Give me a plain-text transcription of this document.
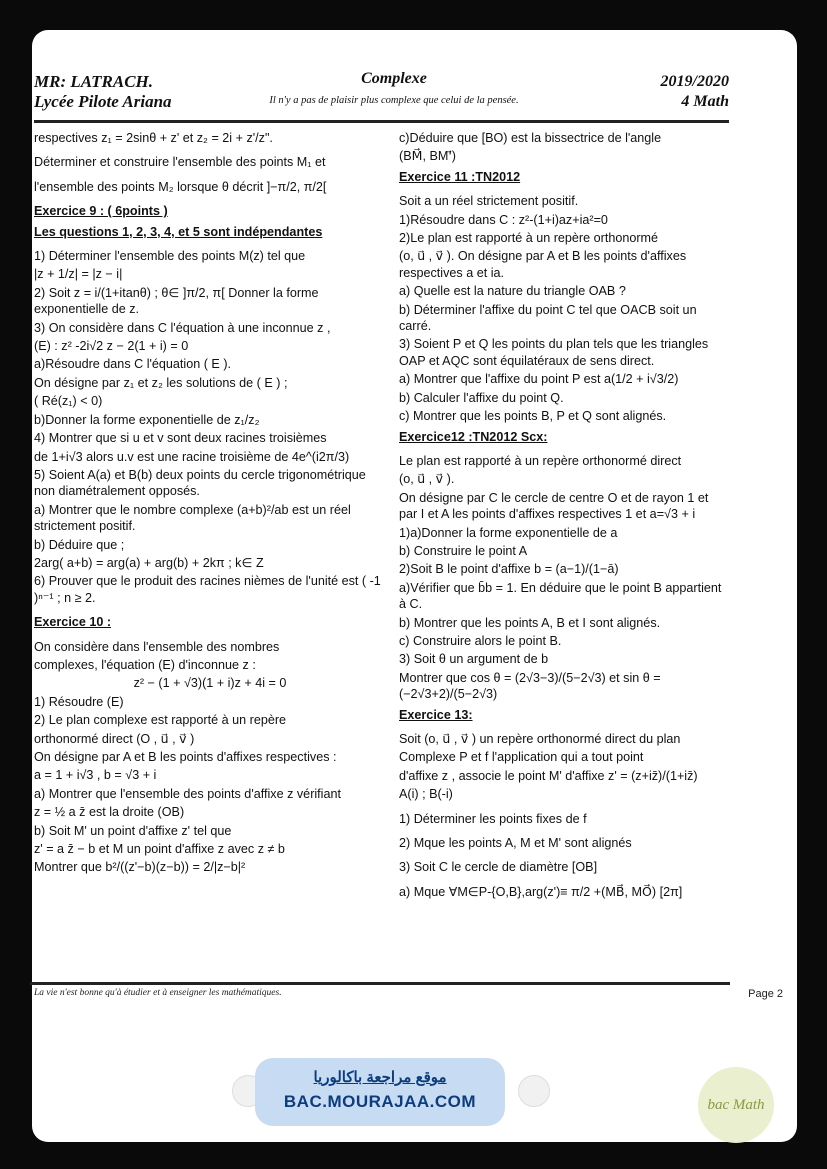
MR: LATRACH.
Lycée Pilote Ariana
Complexe
Il n'y a pas de plaisir plus complexe que celui de la pensée.
2019/2020
4 Math

respectives z₁ = 2sinθ + z' et z₂ = 2i + z'/z".

Déterminer et construire l'ensemble des points M₁ et

l'ensemble des points M₂ lorsque θ décrit ]−π/2, π/2[

Exercice 9 : ( 6points )

Les questions 1, 2, 3, 4, et 5 sont indépendantes

1) Déterminer l'ensemble des points M(z) tel que

|z + 1/z| = |z − i|

2) Soit z = i/(1+itanθ) ; θ∈ ]π/2, π[ Donner la forme exponentielle de z.

3) On considère dans C l'équation à une inconnue z ,

(E) : z² -2i√2 z − 2(1 + i) = 0

a)Résoudre dans C l'équation ( E ).

On désigne par z₁ et z₂ les solutions de ( E ) ;

( Ré(z₁) < 0)

b)Donner la forme exponentielle de z₁/z₂

4) Montrer que si u et v sont deux racines troisièmes

de 1+i√3 alors u.v est une racine troisième de 4e^(i2π/3)

5) Soient A(a) et B(b) deux points du cercle trigonométrique non diamétralement opposés.

a) Montrer que le nombre complexe (a+b)²/ab est un réel strictement positif.

b) Déduire que ;

2arg( a+b) = arg(a) + arg(b) + 2kπ ; k∈ Z

6) Prouver que le produit des racines nièmes de l'unité est ( -1 )ⁿ⁻¹ ; n ≥ 2.

Exercice 10 :

On considère dans l'ensemble des nombres

complexes, l'équation (E) d'inconnue z :

z² − (1 + √3)(1 + i)z + 4i = 0

1) Résoudre (E)

2) Le plan complexe est rapporté à un repère

orthonormé direct (O , u⃗ , v⃗ )

On désigne par A et B les points d'affixes respectives :

a = 1 + i√3 , b = √3 + i

a) Montrer que l'ensemble des points d'affixe z vérifiant

z = ½ a z̄ est la droite (OB)

b) Soit M' un point d'affixe z' tel que

z' = a z̄ − b et M un point d'affixe z avec z ≠ b

Montrer que b²/((z'−b)(z−b)) = 2/|z−b|²

c)Déduire que [BO) est la bissectrice de l'angle

(BM⃗, BM'⃗)

Exercice 11 :TN2012

Soit a un réel strictement positif.

1)Résoudre dans C : z²-(1+i)az+ia²=0

2)Le plan est rapporté à un repère orthonormé

(o, u⃗ , v⃗ ). On désigne par A et B les points d'affixes respectives a et ia.

a) Quelle est la nature du triangle OAB ?

b) Déterminer l'affixe du point C tel que OACB soit un carré.

3) Soient P et Q les points du plan tels que les triangles OAP et AQC sont équilatéraux de sens direct.

a) Montrer que l'affixe du point P est a(1/2 + i√3/2)

b) Calculer l'affixe du point Q.

c) Montrer que les points B, P et Q sont alignés.

Exercice12 :TN2012 Scx:

Le plan est rapporté à un repère orthonormé direct

(o, u⃗ , v⃗ ).

On désigne par C le cercle de centre O et de rayon 1 et par I et A les points d'affixes respectives 1 et a=√3 + i

1)a)Donner la forme exponentielle de a

b) Construire le point A

2)Soit B le point d'affixe b = (a−1)/(1−ā)

a)Vérifier que b̄b = 1. En déduire que le point B appartient à C.

b) Montrer que les points A, B et I sont alignés.

c) Construire alors le point B.

3) Soit θ un argument de b

Montrer que cos θ = (2√3−3)/(5−2√3) et sin θ = (−2√3+2)/(5−2√3)

Exercice 13:

Soit (o, u⃗ , v⃗ ) un repère orthonormé direct du plan

Complexe P et f l'application qui a tout point

d'affixe z , associe le point M' d'affixe z' = (z+iz̄)/(1+iz̄)

A(i) ; B(-i)

1) Déterminer les points fixes de f

2) Mque les points A, M et M' sont alignés

3) Soit C le cercle de diamètre [OB]

a) Mque ∀M∈P-{O,B},arg(z')≡ π/2 +(MB⃗, MO⃗) [2π]

La vie n'est bonne qu'à étudier et à enseigner les mathématiques.	Page 2
موقع مراجعة باكالوريا
BAC.MOURAJAA.COM	bac Math
